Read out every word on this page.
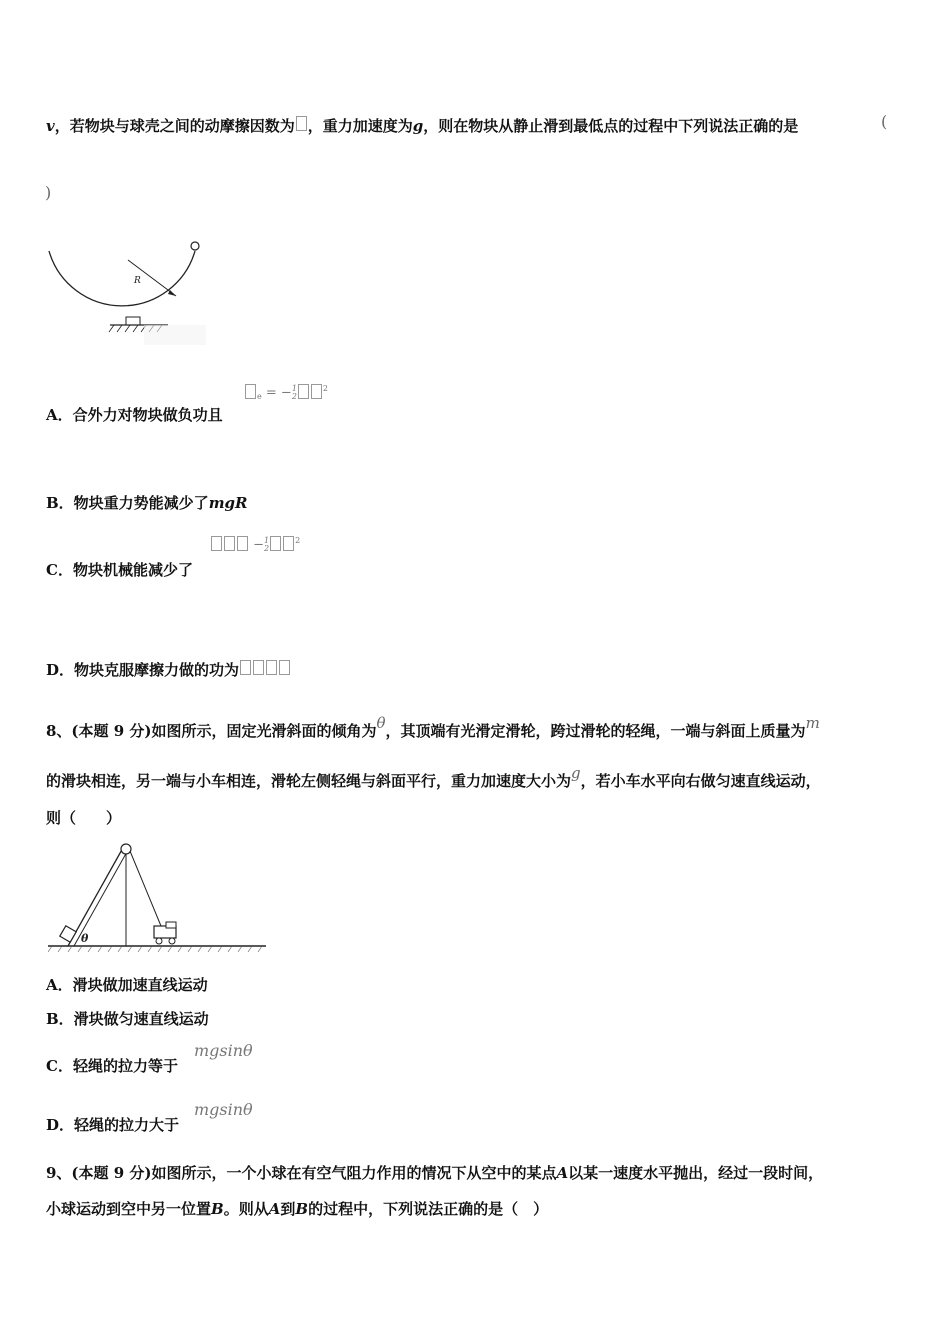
v，若物块与球壳之间的动摩擦因数为 ，重力加速度为g，则在物块从静止滑到最低点的过程中下列说法正确的是	(
)
R
A．合外力对物块做负功且
e = − 1
2
$^2$
B．物块重力势能减少了mgR
C．物块机械能减少了
− 1
2
$^2$
D．物块克服摩擦力做的功为
8、(本题 9 分)如图所示，固定光滑斜面的倾角为θ，其顶端有光滑定滑轮，跨过滑轮的轻绳，一端与斜面上质量为m
的滑块相连，另一端与小车相连，滑轮左侧轻绳与斜面平行，重力加速度大小为g，若小车水平向右做匀速直线运动，
则（　　）
θ
A．滑块做加速直线运动
B．滑块做匀速直线运动
C．轻绳的拉力等于
mgsinθ
D．轻绳的拉力大于
mgsinθ
9、(本题 9 分)如图所示，一个小球在有空气阻力作用的情况下从空中的某点A以某一速度水平抛出，经过一段时间，
小球运动到空中另一位置B。则从A到B的过程中，下列说法正确的是（　）
